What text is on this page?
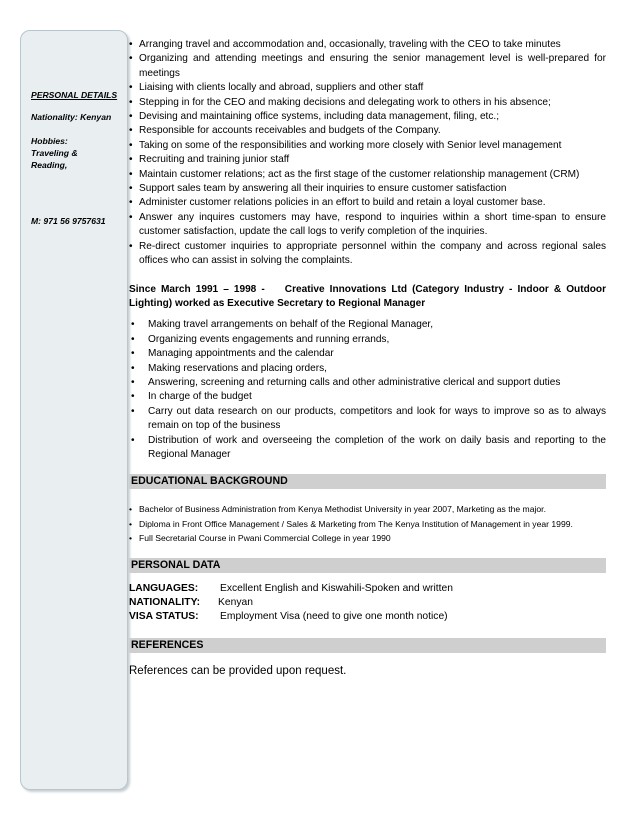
PERSONAL DETAILS
Nationality: Kenyan
Hobbies:
Traveling &
Reading,
M: 971 56 9757631
• Arranging travel and accommodation and, occasionally, traveling with the CEO to take minutes
• Organizing and attending meetings and ensuring the senior management level is well-prepared for meetings
• Liaising with clients locally and abroad, suppliers and other staff
• Stepping in for the CEO and making decisions and delegating work to others in his absence;
• Devising and maintaining office systems, including data management, filing, etc.;
• Responsible for accounts receivables and budgets of the Company.
• Taking on some of the responsibilities and working more closely with Senior level management
• Recruiting and training junior staff
• Maintain customer relations; act as the first stage of the customer relationship management (CRM)
• Support sales team by answering all their inquiries to ensure customer satisfaction
• Administer customer relations policies in an effort to build and retain a loyal customer base.
• Answer any inquires customers may have, respond to inquiries within a short time-span to ensure customer satisfaction, update the call logs to verify completion of the inquiries.
• Re-direct customer inquiries to appropriate personnel within the company and across regional sales offices who can assist in solving the complaints.
Since March 1991 – 1998 -    Creative Innovations Ltd (Category Industry - Indoor & Outdoor Lighting) worked as Executive Secretary to Regional Manager
• Making travel arrangements on behalf of the Regional Manager,
• Organizing events engagements and running errands,
• Managing appointments and the calendar
• Making reservations and placing orders,
• Answering, screening and returning calls and other administrative clerical and support duties
• In charge of the budget
• Carry out data research on our products, competitors and look for ways to improve so as to always remain on top of the business
• Distribution of work and overseeing the completion of the work on daily basis and reporting to the Regional Manager
EDUCATIONAL BACKGROUND
• Bachelor of Business Administration from Kenya Methodist University in year 2007, Marketing as the major.
• Diploma in Front Office Management / Sales & Marketing from The Kenya Institution of Management in year 1999.
• Full Secretarial Course in Pwani Commercial College in year 1990
PERSONAL DATA
LANGUAGES:	Excellent English and Kiswahili-Spoken and written
NATIONALITY:	Kenyan
VISA STATUS:	Employment Visa (need to give one month notice)
REFERENCES
References can be provided upon request.
